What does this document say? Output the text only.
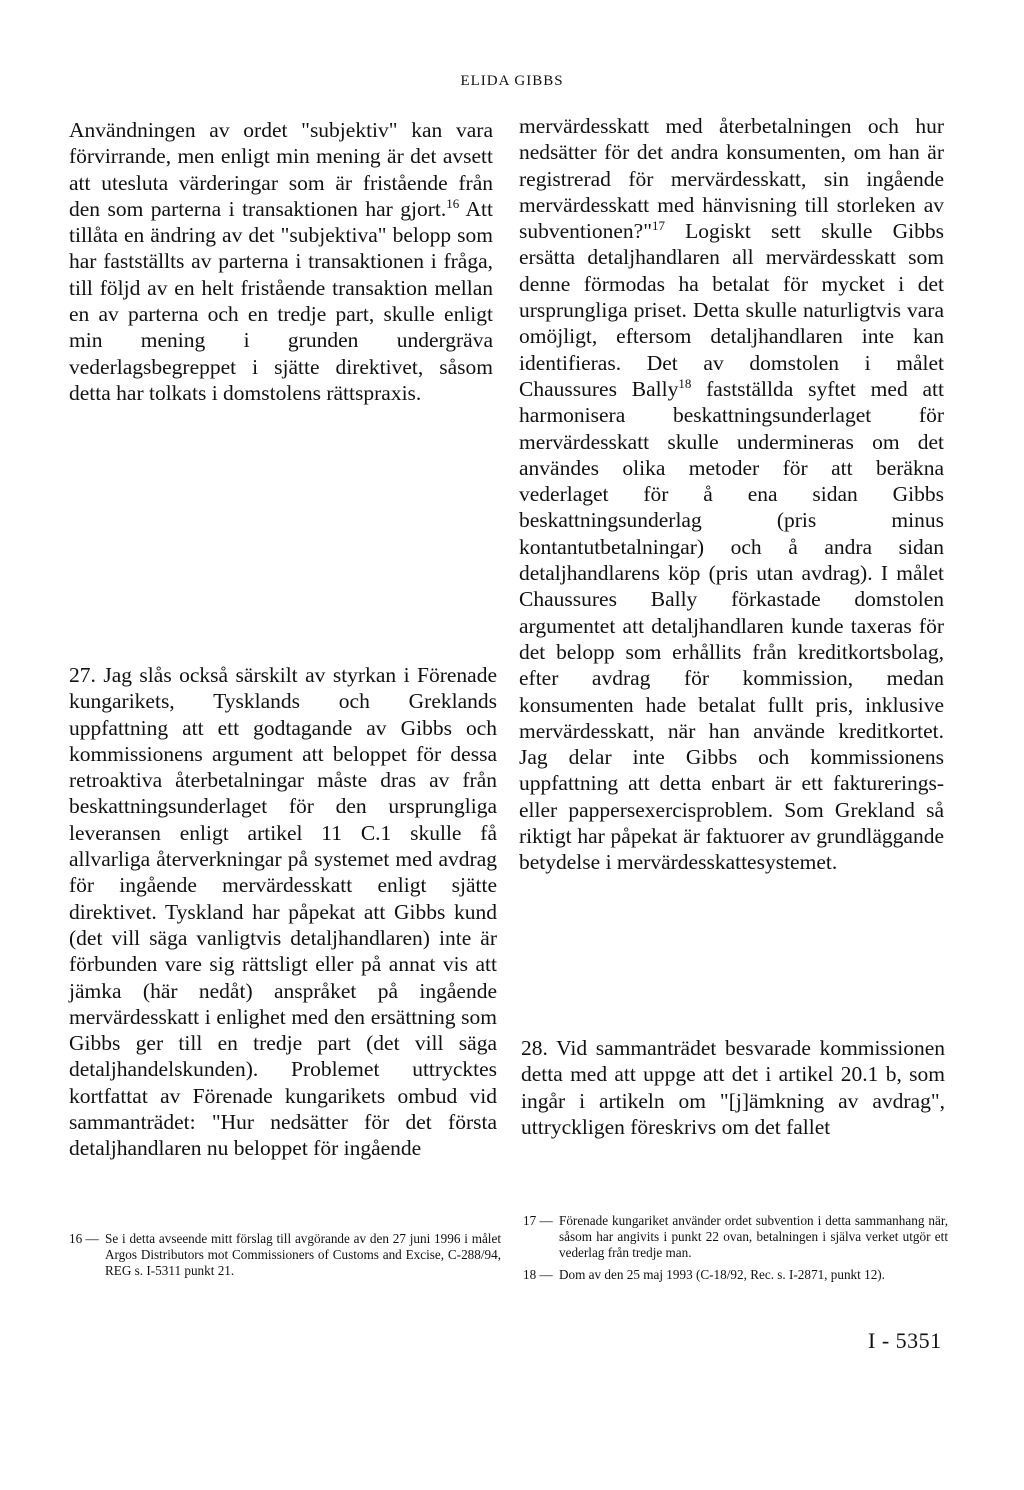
ELIDA GIBBS

Användningen av ordet "subjektiv" kan vara förvirrande, men enligt min mening är det avsett att utesluta värderingar som är fristående från den som parterna i transaktionen har gjort.$^{16}$ Att tillåta en ändring av det "subjektiva" belopp som har fastställts av parterna i transaktionen i fråga, till följd av en helt fristående transaktion mellan en av parterna och en tredje part, skulle enligt min mening i grunden undergräva vederlagsbegreppet i sjätte direktivet, såsom detta har tolkats i domstolens rättspraxis.

27. Jag slås också särskilt av styrkan i Förenade kungarikets, Tysklands och Greklands uppfattning att ett godtagande av Gibbs och kommissionens argument att beloppet för dessa retroaktiva återbetalningar måste dras av från beskattningsunderlaget för den ursprungliga leveransen enligt artikel 11 C.1 skulle få allvarliga återverkningar på systemet med avdrag för ingående mervärdesskatt enligt sjätte direktivet. Tyskland har påpekat att Gibbs kund (det vill säga vanligtvis detaljhandlaren) inte är förbunden vare sig rättsligt eller på annat vis att jämka (här nedåt) anspråket på ingående mervärdesskatt i enlighet med den ersättning som Gibbs ger till en tredje part (det vill säga detaljhandelskunden). Problemet uttrycktes kortfattat av Förenade kungarikets ombud vid sammanträdet: "Hur nedsätter för det första detaljhandlaren nu beloppet för ingående

mervärdesskatt med återbetalningen och hur nedsätter för det andra konsumenten, om han är registrerad för mervärdesskatt, sin ingående mervärdesskatt med hänvisning till storleken av subventionen?"$^{17}$ Logiskt sett skulle Gibbs ersätta detaljhandlaren all mervärdesskatt som denne förmodas ha betalat för mycket i det ursprungliga priset. Detta skulle naturligtvis vara omöjligt, eftersom detaljhandlaren inte kan identifieras. Det av domstolen i målet Chaussures Bally$^{18}$ fastställda syftet med att harmonisera beskattningsunderlaget för mervärdesskatt skulle undermineras om det användes olika metoder för att beräkna vederlaget för å ena sidan Gibbs beskattningsunderlag (pris minus kontantutbetalningar) och å andra sidan detaljhandlarens köp (pris utan avdrag). I målet Chaussures Bally förkastade domstolen argumentet att detaljhandlaren kunde taxeras för det belopp som erhållits från kreditkortsbolag, efter avdrag för kommission, medan konsumenten hade betalat fullt pris, inklusive mervärdesskatt, när han använde kreditkortet. Jag delar inte Gibbs och kommissionens uppfattning att detta enbart är ett fakturerings-eller pappersexercisproblem. Som Grekland så riktigt har påpekat är faktuorer av grundläggande betydelse i mervärdesskattesystemet.

28. Vid sammanträdet besvarade kommissionen detta med att uppge att det i artikel 20.1 b, som ingår i artikeln om "[j]ämkning av avdrag", uttryckligen föreskrivs om det fallet

16 — Se i detta avseende mitt förslag till avgörande av den 27 juni 1996 i målet Argos Distributors mot Commissioners of Customs and Excise, C-288/94, REG s. I-5311 punkt 21.
17 — Förenade kungariket använder ordet subvention i detta sammanhang när, såsom har angivits i punkt 22 ovan, betalningen i själva verket utgör ett vederlag från tredje man.
18 — Dom av den 25 maj 1993 (C-18/92, Rec. s. I-2871, punkt 12).
I - 5351
